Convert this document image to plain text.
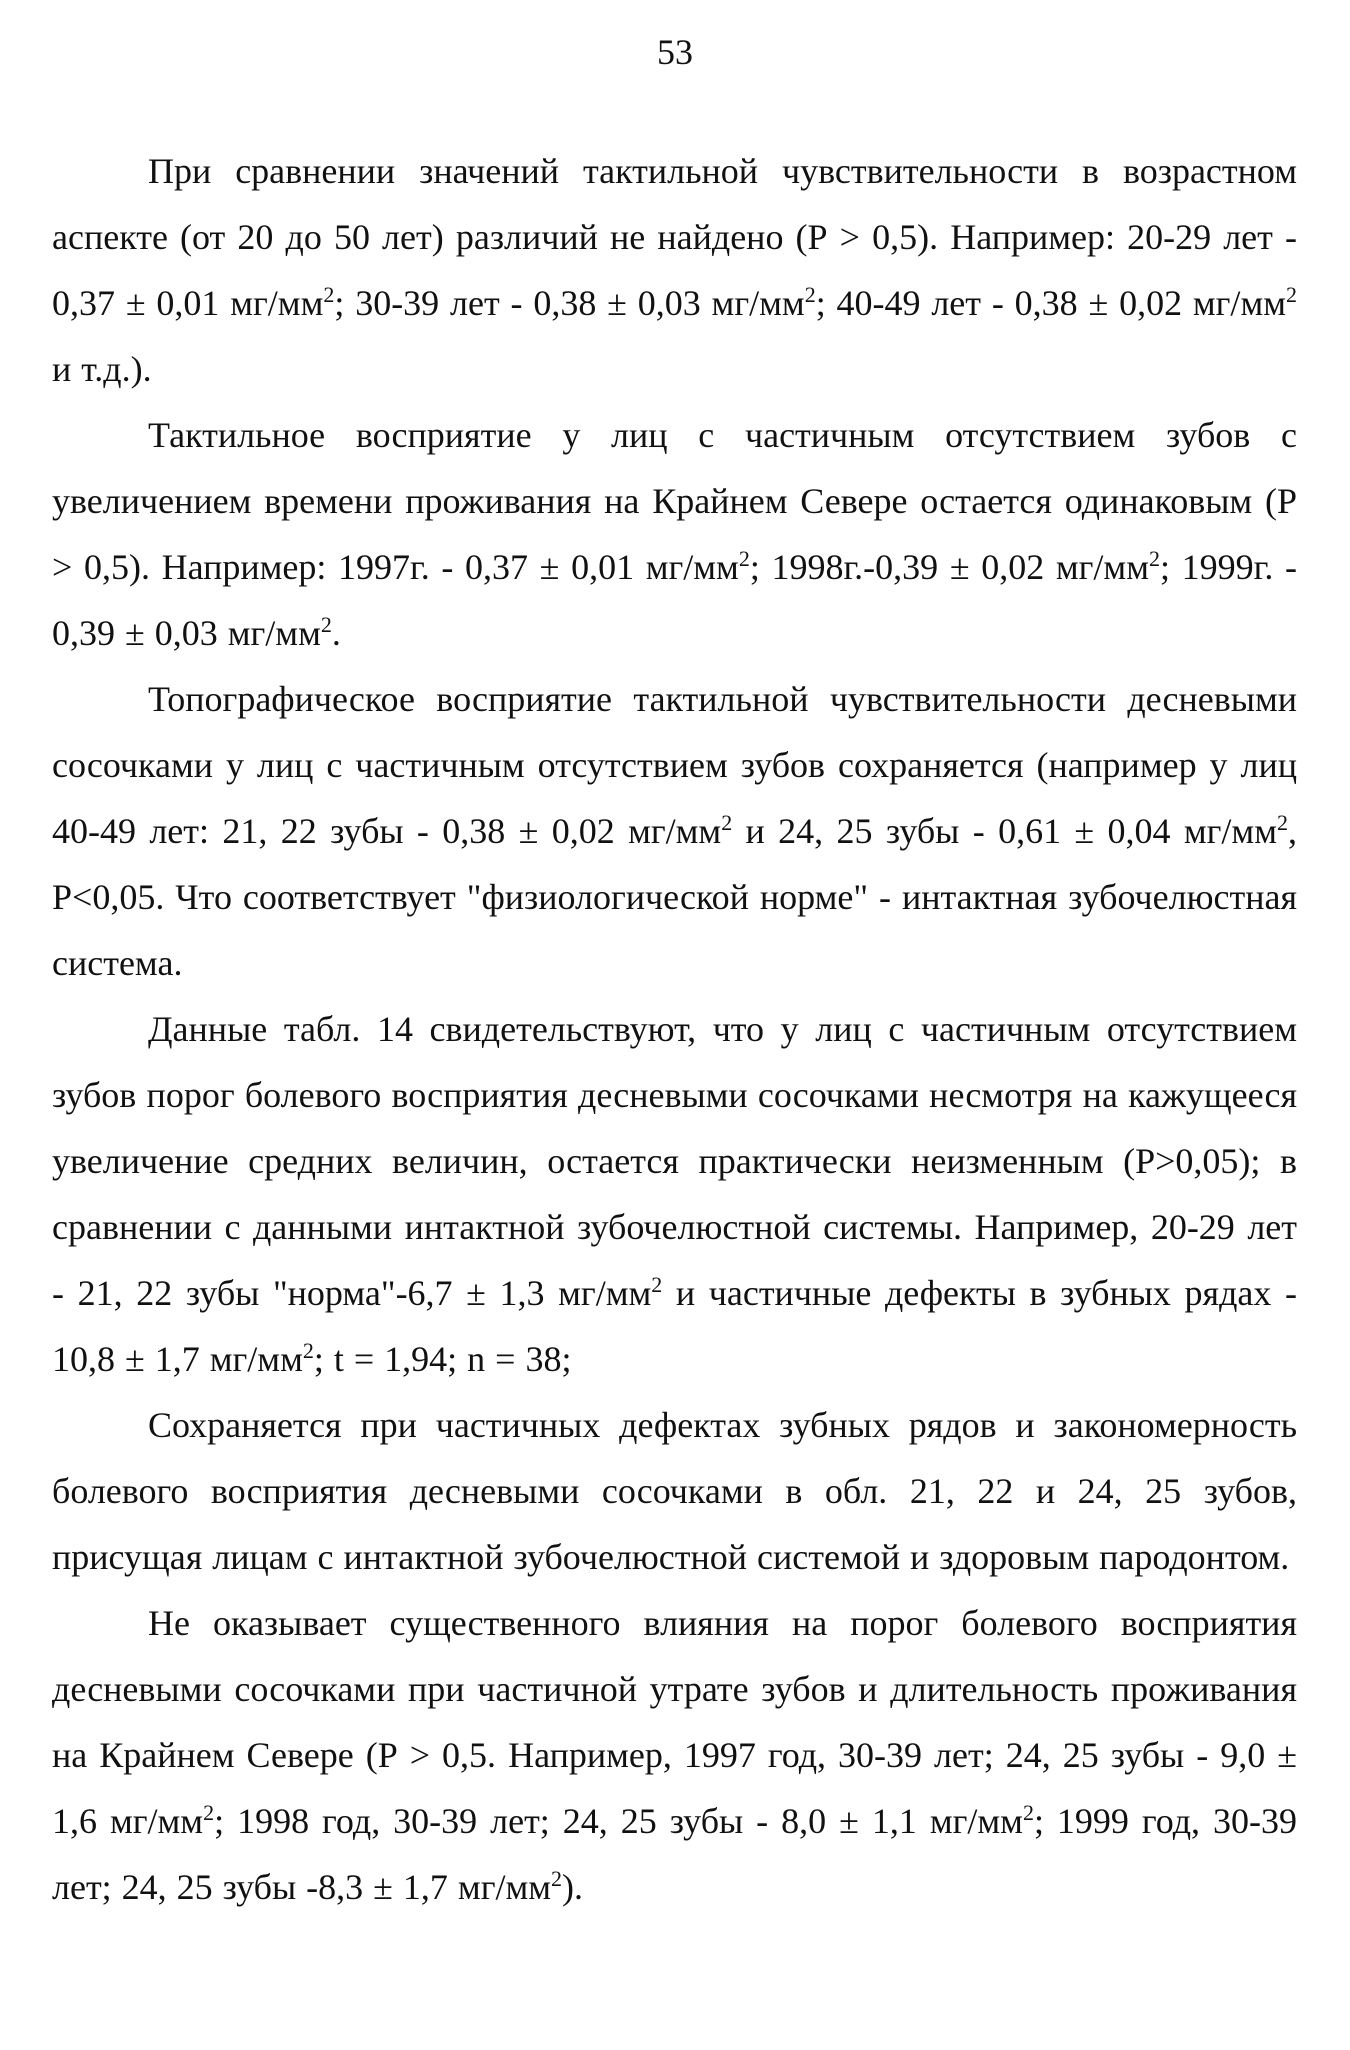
53

При сравнении значений тактильной чувствительности в возрастном аспекте (от 20 до 50 лет) различий не найдено (Р > 0,5). Например: 20-29 лет - 0,37 ± 0,01 $мг/мм^2$; 30-39 лет - 0,38 ± 0,03 $мг/мм^2$; 40-49 лет - 0,38 ± 0,02 $мг/мм^2$ и т.д.).

Тактильное восприятие у лиц с частичным отсутствием зубов с увеличением времени проживания на Крайнем Севере остается одинаковым (Р > 0,5). Например: 1997г. - 0,37 ± 0,01 $мг/мм^2$; 1998г.-0,39 ± 0,02 $мг/мм^2$; 1999г. - 0,39 ± 0,03 $мг/мм^2$.

Топографическое восприятие тактильной чувствительности десневыми сосочками у лиц с частичным отсутствием зубов сохраняется (например у лиц 40-49 лет: 21, 22 зубы - 0,38 ± 0,02 $мг/мм^2$ и 24, 25 зубы - 0,61 ± 0,04 $мг/мм^2$, Р<0,05. Что соответствует "физиологической норме" - интактная зубочелюстная система.

Данные табл. 14 свидетельствуют, что у лиц с частичным отсутствием зубов порог болевого восприятия десневыми сосочками несмотря на кажущееся увеличение средних величин, остается практически неизменным (Р>0,05); в сравнении с данными интактной зубочелюстной системы. Например, 20-29 лет - 21, 22 зубы "норма"-6,7 ± 1,3 $мг/мм^2$ и частичные дефекты в зубных рядах - 10,8 ± 1,7 $мг/мм^2$; t = 1,94; n = 38;

Сохраняется при частичных дефектах зубных рядов и закономерность болевого восприятия десневыми сосочками в обл. 21, 22 и 24, 25 зубов, присущая лицам с интактной зубочелюстной системой и здоровым пародонтом.

Не оказывает существенного влияния на порог болевого восприятия десневыми сосочками при частичной утрате зубов и длительность проживания на Крайнем Севере (Р > 0,5. Например, 1997 год, 30-39 лет; 24, 25 зубы - 9,0 ± 1,6 $мг/мм^2$; 1998 год, 30-39 лет; 24, 25 зубы - 8,0 ± 1,1 $мг/мм^2$; 1999 год, 30-39 лет; 24, 25 зубы -8,3 ± 1,7 $мг/мм^2$).
